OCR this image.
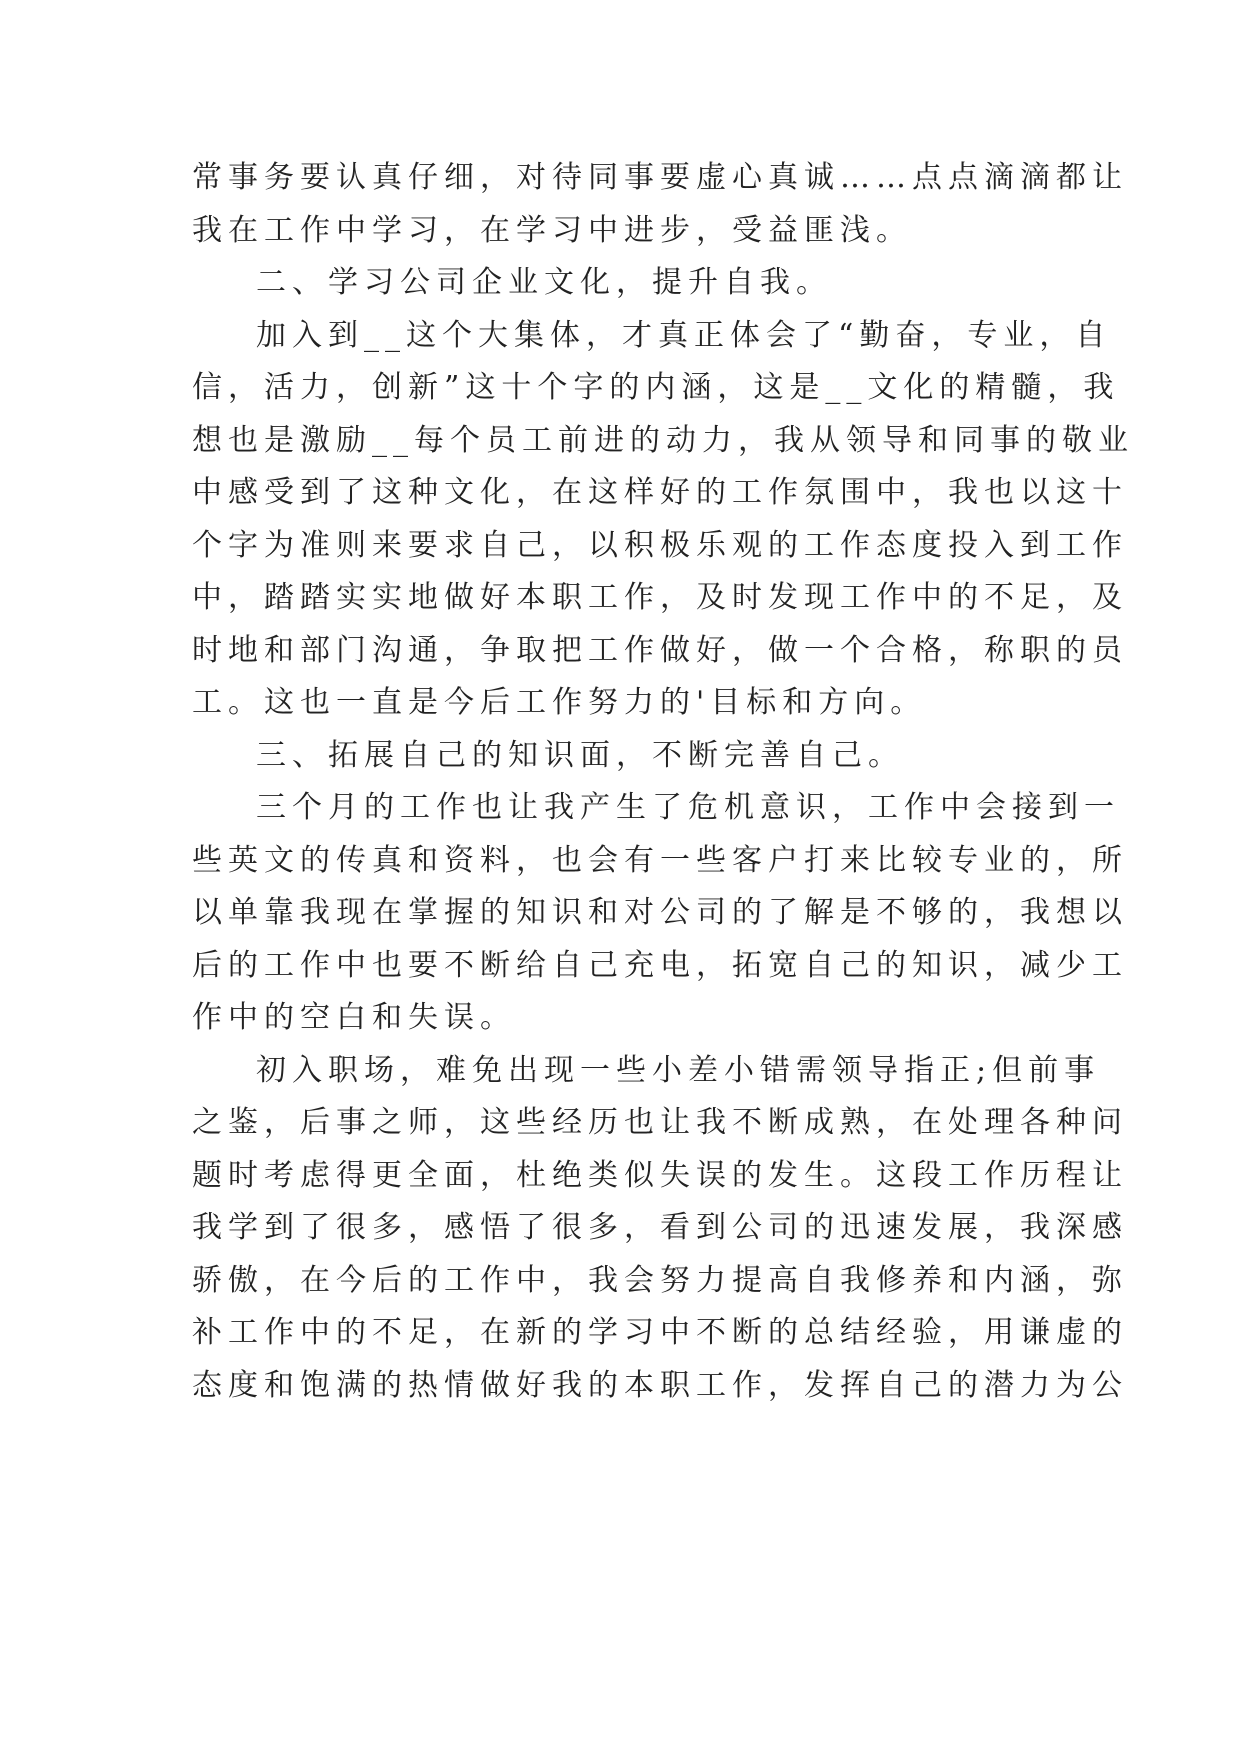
常事务要认真仔细，对待同事要虚心真诚……点点滴滴都让
我在工作中学习，在学习中进步，受益匪浅。
二、学习公司企业文化，提升自我。
加入到__这个大集体，才真正体会了“勤奋，专业，自
信，活力，创新”这十个字的内涵，这是__文化的精髓，我
想也是激励__每个员工前进的动力，我从领导和同事的敬业
中感受到了这种文化，在这样好的工作氛围中，我也以这十
个字为准则来要求自己，以积极乐观的工作态度投入到工作
中，踏踏实实地做好本职工作，及时发现工作中的不足，及
时地和部门沟通，争取把工作做好，做一个合格，称职的员
工。这也一直是今后工作努力的'目标和方向。
三、拓展自己的知识面，不断完善自己。
三个月的工作也让我产生了危机意识，工作中会接到一
些英文的传真和资料，也会有一些客户打来比较专业的，所
以单靠我现在掌握的知识和对公司的了解是不够的，我想以
后的工作中也要不断给自己充电，拓宽自己的知识，减少工
作中的空白和失误。
初入职场，难免出现一些小差小错需领导指正;但前事
之鉴，后事之师，这些经历也让我不断成熟，在处理各种问
题时考虑得更全面，杜绝类似失误的发生。这段工作历程让
我学到了很多，感悟了很多，看到公司的迅速发展，我深感
骄傲，在今后的工作中，我会努力提高自我修养和内涵，弥
补工作中的不足，在新的学习中不断的总结经验，用谦虚的
态度和饱满的热情做好我的本职工作，发挥自己的潜力为公
